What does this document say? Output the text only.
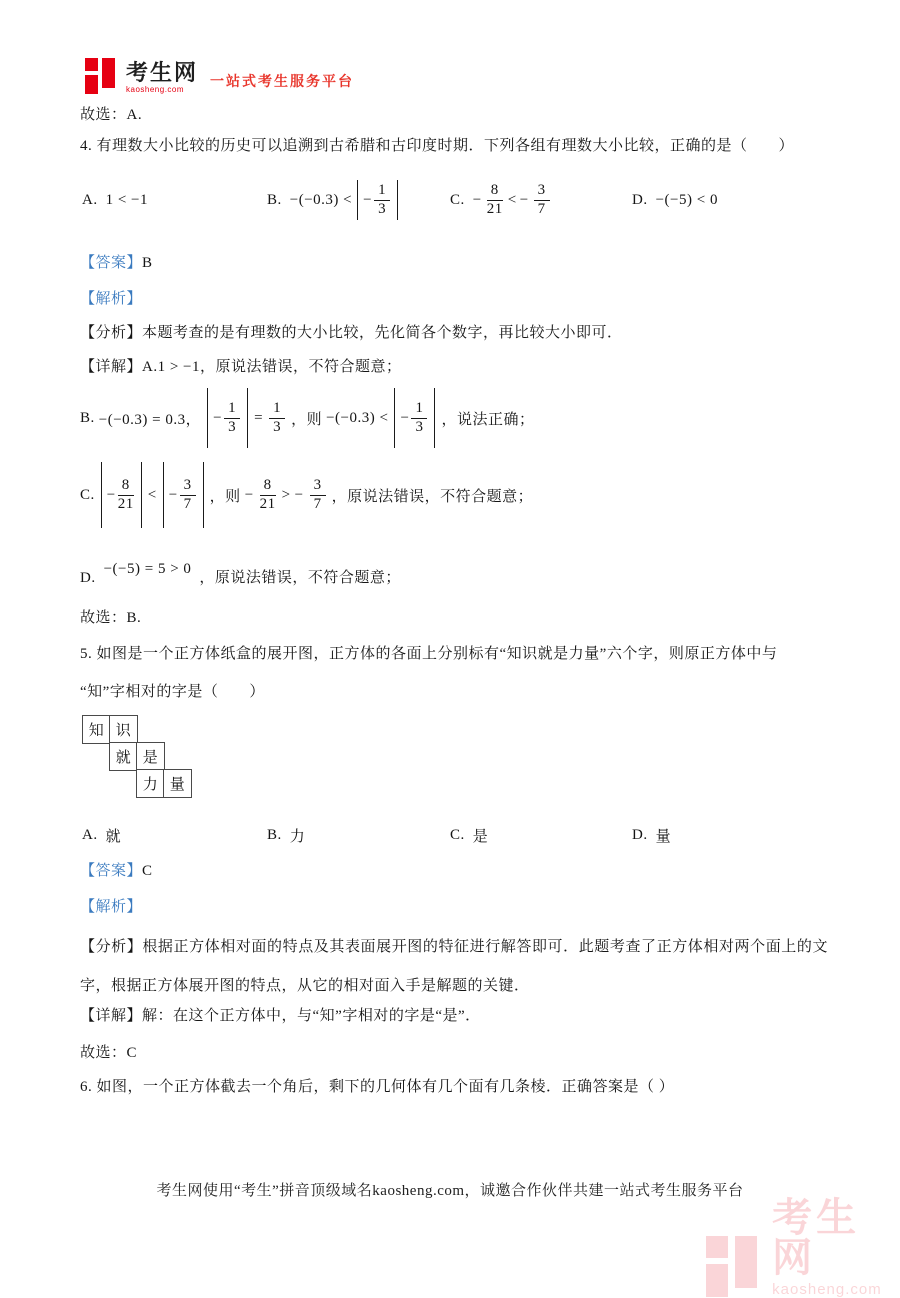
考生网
kaosheng.com
一站式考生服务平台
故选：A.
4. 有理数大小比较的历史可以追溯到古希腊和古印度时期．下列各组有理数大小比较，正确的是（　　）
A. 1 < −1	B. −(−0.3) < − $\frac{1}{3}$	C. − $\frac{8}{21}$ < − $\frac{3}{7}$	D. −(−5) < 0
【答案】B
【解析】
【分析】本题考查的是有理数的大小比较，先化简各个数字，再比较大小即可．
【详解】A.1 > −1，原说法错误，不符合题意；
B. −(−0.3) = 0.3， − $\frac{1}{3} = \frac{1}{3}$ ，则 −(−0.3) < − $\frac{1}{3}$ ，说法正确；
C. − $\frac{8}{21}$ < − $\frac{3}{7}$ ，则 − $\frac{8}{21}$ > − $\frac{3}{7}$ ，原说法错误，不符合题意；
D.−(−5) = 5 > 0，原说法错误，不符合题意；
故选：B.
5. 如图是一个正方体纸盒的展开图，正方体的各面上分别标有“知识就是力量”六个字，则原正方体中与
“知”字相对的字是（　　）
知 识
就 是
力 量
A. 就	B. 力	C. 是	D. 量
【答案】C
【解析】
【分析】根据正方体相对面的特点及其表面展开图的特征进行解答即可．此题考查了正方体相对两个面上的文字，根据正方体展开图的特点，从它的相对面入手是解题的关键．
【详解】解：在这个正方体中，与“知”字相对的字是“是”．
故选：C
6. 如图，一个正方体截去一个角后，剩下的几何体有几个面有几条棱．正确答案是（ ）
考生网使用“考生”拼音顶级域名kaosheng.com，诚邀合作伙伴共建一站式考生服务平台
考生网
kaosheng.com
